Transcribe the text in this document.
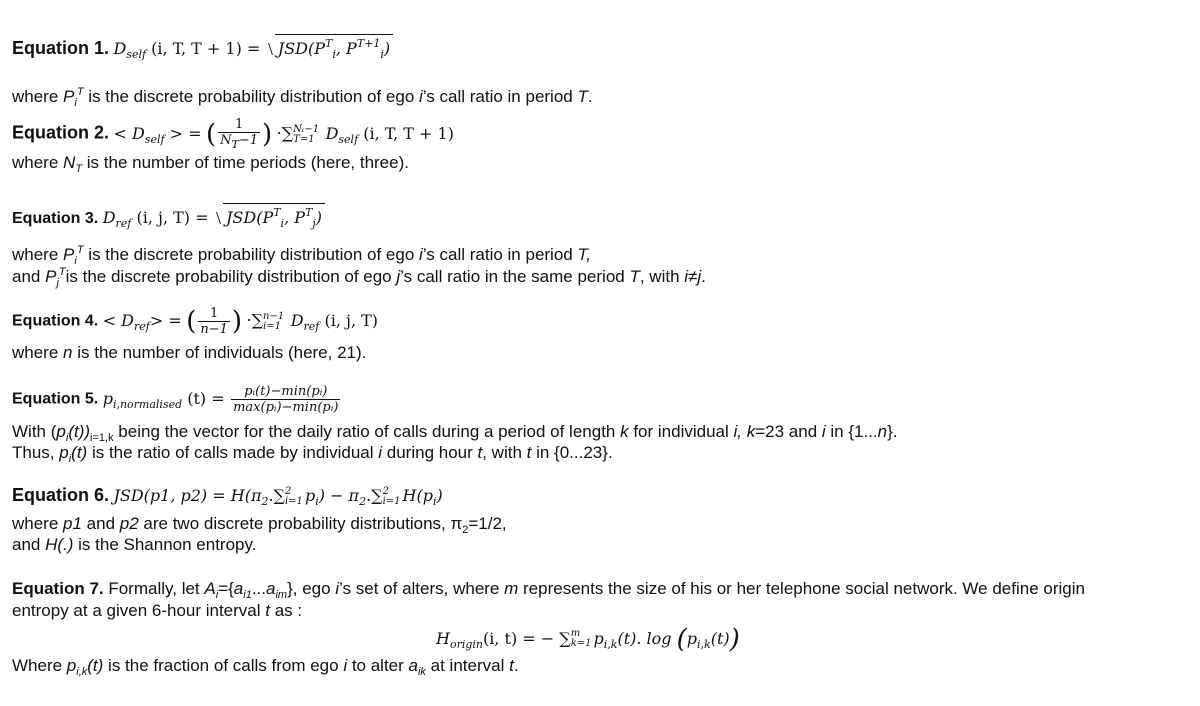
Equation 1. $D_{self}$ (i, T, $T + 1) = JSD(P^T_i$, $P^{T+1}_i$)
where $P_i^T$ is the discrete probability distribution of ego i’s call ratio in period T.
Equation 2. < $D_{self}$ > = ( $\frac{1}{N_T-1}$ ) ·∑ Nₜ−1
T=1 $D_{self}$ (i, T, T + 1)
where $N_T$ is the number of time periods (here, three).
Equation 3. $D_{ref}$ (i, j, $T) = JSD(P^T_i$, $P^T_j$)
where $P_i^T$ is the discrete probability distribution of ego i’s call ratio in period T,
and $P_j^Tis$ the discrete probability distribution of ego j’s call ratio in the same period T, with i≠j.
Equation 4. < $D_{ref}>$ = ( $\frac{1}{n-1}$ ) ·∑ n−1
i=1 $D_{ref}$ (i, j, T)
where n is the number of individuals (here, 21).
Equation 5. $p_{i,normalised}$ $(t) = \frac{\text{pᵢ(t)−min(pᵢ)}}{\text{max(pᵢ)−min(pᵢ)}}$
With $(p_i(t))_{i=1,k}$ being the vector for the daily ratio of calls during a period of length k for individual i, k=23 and i in {1...n}.
Thus, $p_i(t)$ is the ratio of calls made by individual i during hour t, with t in {0...23}.
Equation 6. JSD(p1, $p2) = H(\pi_2.\sum$ 2
i=1 $p_i) - \pi_2.\sum$ 2
i=1 $H(p_i)$
where p1 and p2 are two discrete probability distributions, $\pi_2=1/2$,
and H(.) is the Shannon entropy.
Equation 7. Formally, let $A_i=\{a_{i1}...a_{im}\}$, ego i’s set of alters, where m represents the size of his or her telephone social network. We define origin
entropy at a given 6-hour interval t as :
$H_{origin}(i$, t) = − ∑ m
k=1 $p_{i,k}(t)$. $\log (p_{i,k}(t))$
Where $p_{i,k}(t)$ is the fraction of calls from ego i to alter $a_{ik}$ at interval t.
